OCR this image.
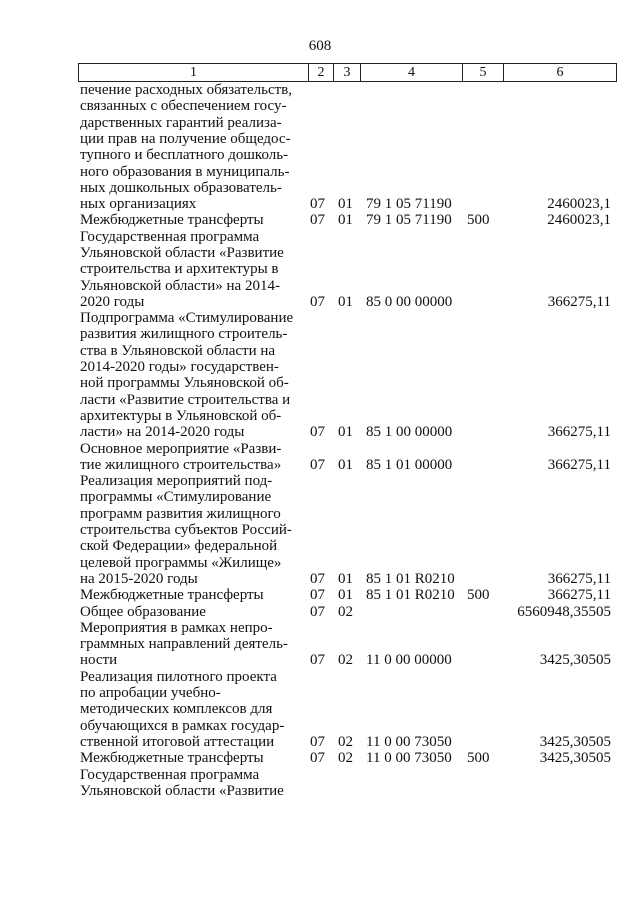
608
1	2	3	4	5	6
печение расходных обязательств,
связанных с обеспечением госу-
дарственных гарантий реализа-
ции прав на получение общедос-
тупного и бесплатного дошколь-
ного образования в муниципаль-
ных дошкольных образователь-
ных организациях	07 01 79 1 05 71190	2460023,1
Межбюджетные трансферты	07 01 79 1 05 71190 500	2460023,1
Государственная программа
Ульяновской области «Развитие
строительства и архитектуры в
Ульяновской области» на 2014-
2020 годы	07 01 85 0 00 00000	366275,11
Подпрограмма «Стимулирование
развития жилищного строитель-
ства в Ульяновской области на
2014-2020 годы» государствен-
ной программы Ульяновской об-
ласти «Развитие строительства и
архитектуры в Ульяновской об-
ласти» на 2014-2020 годы	07 01 85 1 00 00000	366275,11
Основное мероприятие «Разви-
тие жилищного строительства»	07 01 85 1 01 00000	366275,11
Реализация мероприятий под-
программы «Стимулирование
программ развития жилищного
строительства субъектов Россий-
ской Федерации» федеральной
целевой программы «Жилище»
на 2015-2020 годы	07 01 85 1 01 R0210	366275,11
Межбюджетные трансферты	07 01 85 1 01 R0210 500	366275,11
Общее образование	07 02	6560948,35505
Мероприятия в рамках непро-
граммных направлений деятель-
ности	07 02 11 0 00 00000	3425,30505
Реализация пилотного проекта
по апробации учебно-
методических комплексов для
обучающихся в рамках государ-
ственной итоговой аттестации	07 02 11 0 00 73050	3425,30505
Межбюджетные трансферты	07 02 11 0 00 73050 500	3425,30505
Государственная программа
Ульяновской области «Развитие
